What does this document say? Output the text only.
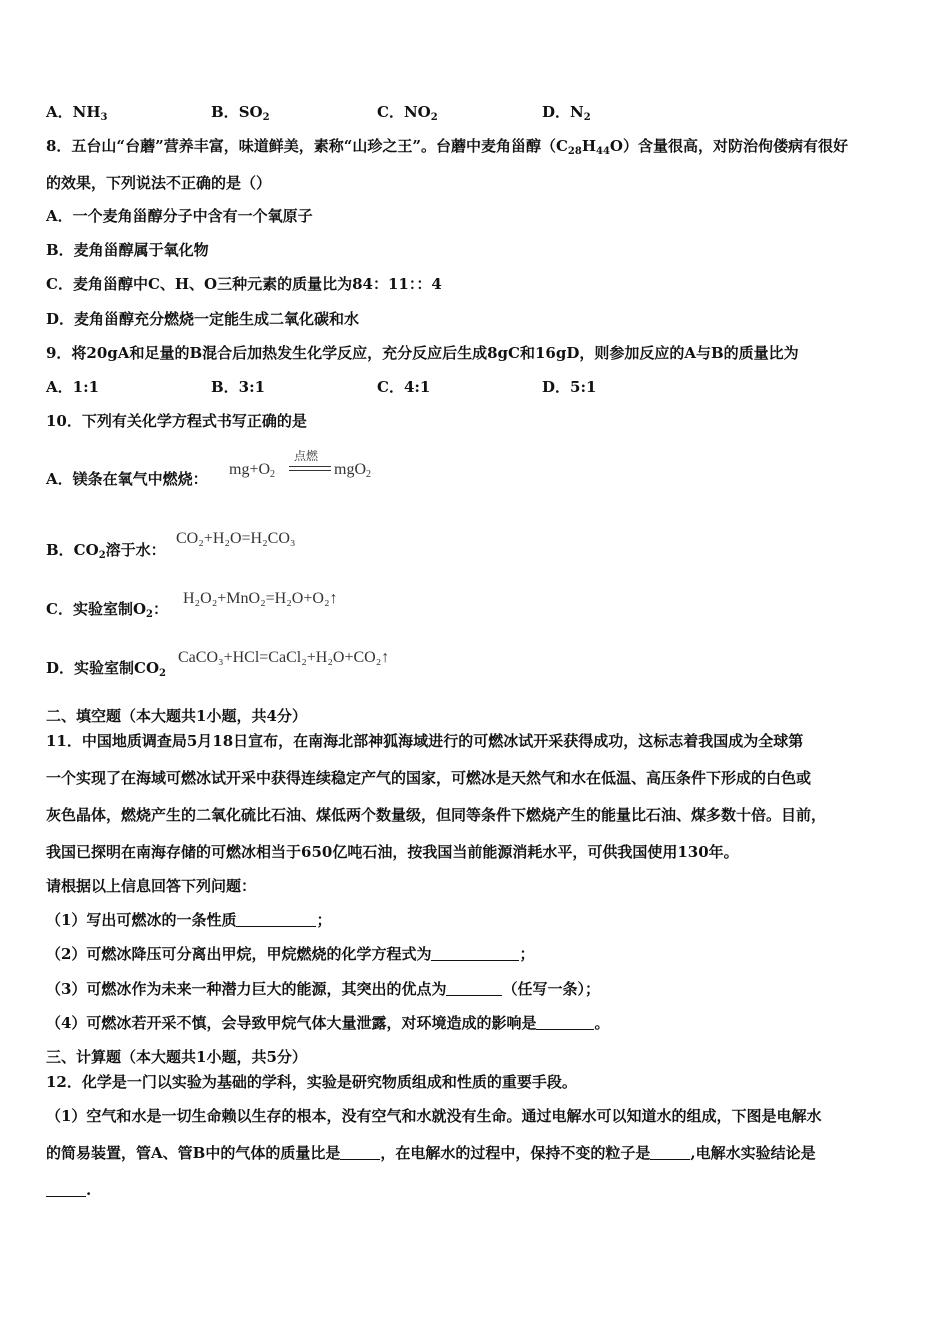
A．$NH_3$	B．$SO_2$	C．$NO_2$	D．$N_2$
8．五台山“台蘑”营养丰富，味道鲜美，素称“山珍之王”。台蘑中麦角甾醇$(C_{28}H_{44}O)$含量很高，对防治佝偻病有很好
的效果，下列说法不正确的是（）
A．一个麦角甾醇分子中含有一个氧原子
B．麦角甾醇属于氧化物
C．麦角甾醇中C、H、O三种元素的质量比为84：11：：4
D．麦角甾醇充分燃烧一定能生成二氧化碳和水
9．将20gA和足量的B混合后加热发生化学反应，充分反应后生成8gC和16gD，则参加反应的A与B的质量比为
A．1:1	B．3:1	C．4:1	D．5:1
10．下列有关化学方程式书写正确的是
A．镁条在氧气中燃烧：
$mg+O_2$
点燃
mgO$_2$
B．$CO_2$溶于水：
CO₂+H₂O=H₂CO₃
C．实验室制$O_2$：
H₂O₂+MnO₂=H₂O+O₂↑
D．实验室制$CO_2$
CaCO₃+HCl=CaCl₂+H₂O+CO₂↑
二、填空题（本大题共1小题，共4分）
11．中国地质调查局5月18日宣布，在南海北部神狐海域进行的可燃冰试开采获得成功，这标志着我国成为全球第
一个实现了在海域可燃冰试开采中获得连续稳定产气的国家，可燃冰是天然气和水在低温、高压条件下形成的白色或
灰色晶体，燃烧产生的二氧化硫比石油、煤低两个数量级，但同等条件下燃烧产生的能量比石油、煤多数十倍。目前，
我国已探明在南海存储的可燃冰相当于650亿吨石油，按我国当前能源消耗水平，可供我国使用130年。
请根据以上信息回答下列问题：
（1）写出可燃冰的一条性质	；
（2）可燃冰降压可分离出甲烷，甲烷燃烧的化学方程式为	；
（3）可燃冰作为未来一种潜力巨大的能源，其突出的优点为	（任写一条）；
（4）可燃冰若开采不慎，会导致甲烷气体大量泄露，对环境造成的影响是	。
三、计算题（本大题共1小题，共5分）
12．化学是一门以实验为基础的学科，实验是研究物质组成和性质的重要手段。
（1）空气和水是一切生命赖以生存的根本，没有空气和水就没有生命。通过电解水可以知道水的组成，下图是电解水
的简易装置，管A、管B中的气体的质量比是	，在电解水的过程中，保持不变的粒子是	,电解水实验结论是
.
